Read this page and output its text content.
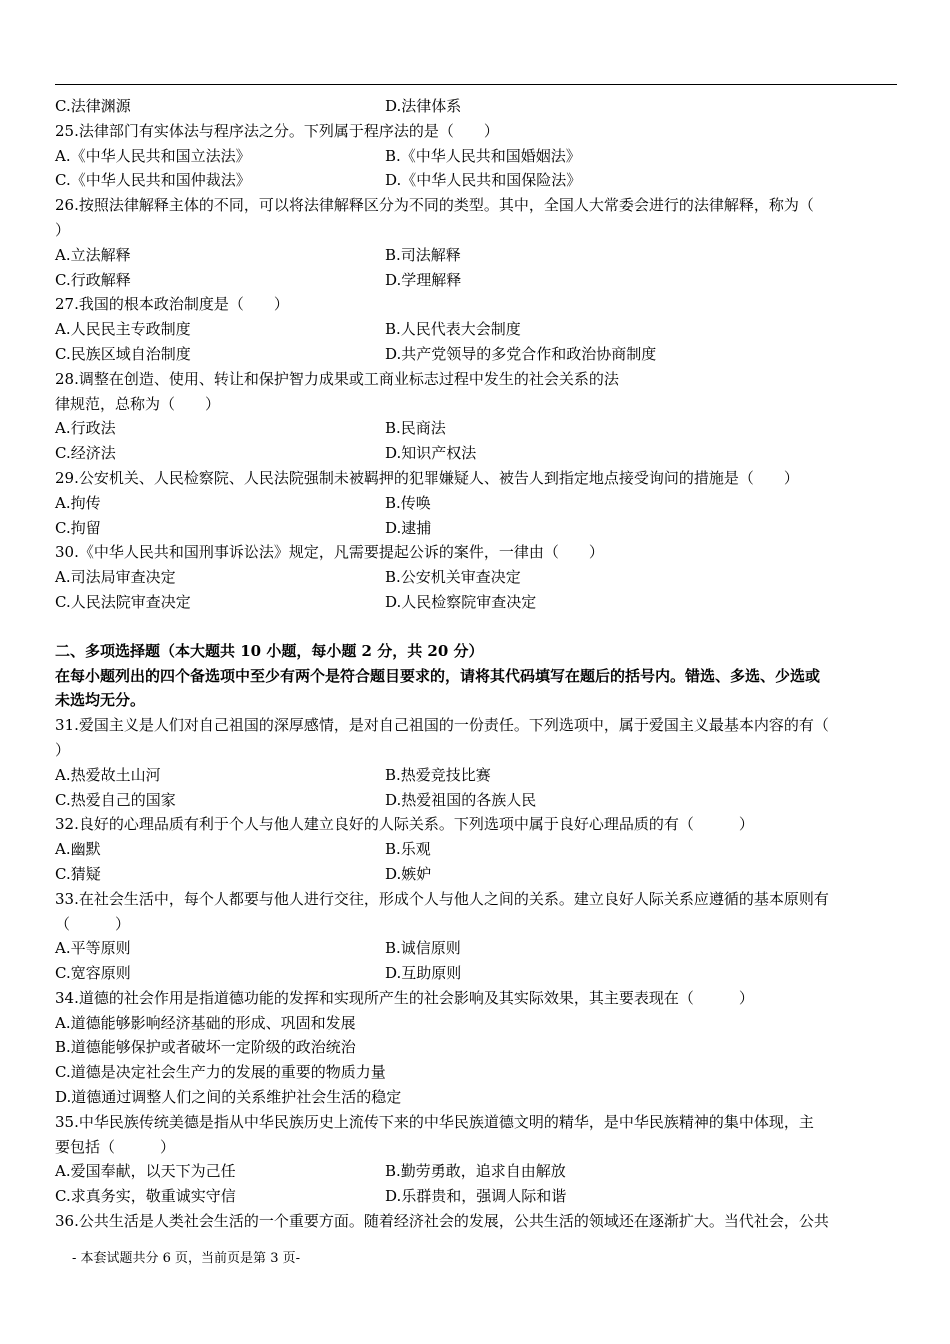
C.法律渊源	D.法律体系
25.法律部门有实体法与程序法之分。下列属于程序法的是（　　）
A.《中华人民共和国立法法》	B.《中华人民共和国婚姻法》
C.《中华人民共和国仲裁法》	D.《中华人民共和国保险法》
26.按照法律解释主体的不同，可以将法律解释区分为不同的类型。其中，全国人大常委会进行的法律解释，称为（
）
A.立法解释	B.司法解释
C.行政解释	D.学理解释
27.我国的根本政治制度是（　　）
A.人民民主专政制度	B.人民代表大会制度
C.民族区域自治制度	D.共产党领导的多党合作和政治协商制度
28.调整在创造、使用、转让和保护智力成果或工商业标志过程中发生的社会关系的法
律规范，总称为（　　）
A.行政法	B.民商法
C.经济法	D.知识产权法
29.公安机关、人民检察院、人民法院强制未被羁押的犯罪嫌疑人、被告人到指定地点接受询问的措施是（　　）
A.拘传	B.传唤
C.拘留	D.逮捕
30.《中华人民共和国刑事诉讼法》规定，凡需要提起公诉的案件，一律由（　　）
A.司法局审查决定	B.公安机关审查决定
C.人民法院审查决定	D.人民检察院审查决定
二、多项选择题（本大题共 10 小题，每小题 2 分，共 20 分）
在每小题列出的四个备选项中至少有两个是符合题目要求的，请将其代码填写在题后的括号内。错选、多选、少选或
未选均无分。
31.爱国主义是人们对自己祖国的深厚感情，是对自己祖国的一份责任。下列选项中，属于爱国主义最基本内容的有（
）
A.热爱故土山河	B.热爱竞技比赛
C.热爱自己的国家	D.热爱祖国的各族人民
32.良好的心理品质有利于个人与他人建立良好的人际关系。下列选项中属于良好心理品质的有（　　　）
A.幽默	B.乐观
C.猜疑	D.嫉妒
33.在社会生活中，每个人都要与他人进行交往，形成个人与他人之间的关系。建立良好人际关系应遵循的基本原则有
（　　　）
A.平等原则	B.诚信原则
C.宽容原则	D.互助原则
34.道德的社会作用是指道德功能的发挥和实现所产生的社会影响及其实际效果，其主要表现在（　　　）
A.道德能够影响经济基础的形成、巩固和发展
B.道德能够保护或者破坏一定阶级的政治统治
C.道德是决定社会生产力的发展的重要的物质力量
D.道德通过调整人们之间的关系维护社会生活的稳定
35.中华民族传统美德是指从中华民族历史上流传下来的中华民族道德文明的精华，是中华民族精神的集中体现，主
要包括（　　　）
A.爱国奉献，以天下为己任	B.勤劳勇敢，追求自由解放
C.求真务实，敬重诚实守信	D.乐群贵和，强调人际和谐
36.公共生活是人类社会生活的一个重要方面。随着经济社会的发展，公共生活的领域还在逐渐扩大。当代社会，公共
- 本套试题共分 6 页，当前页是第 3 页-
